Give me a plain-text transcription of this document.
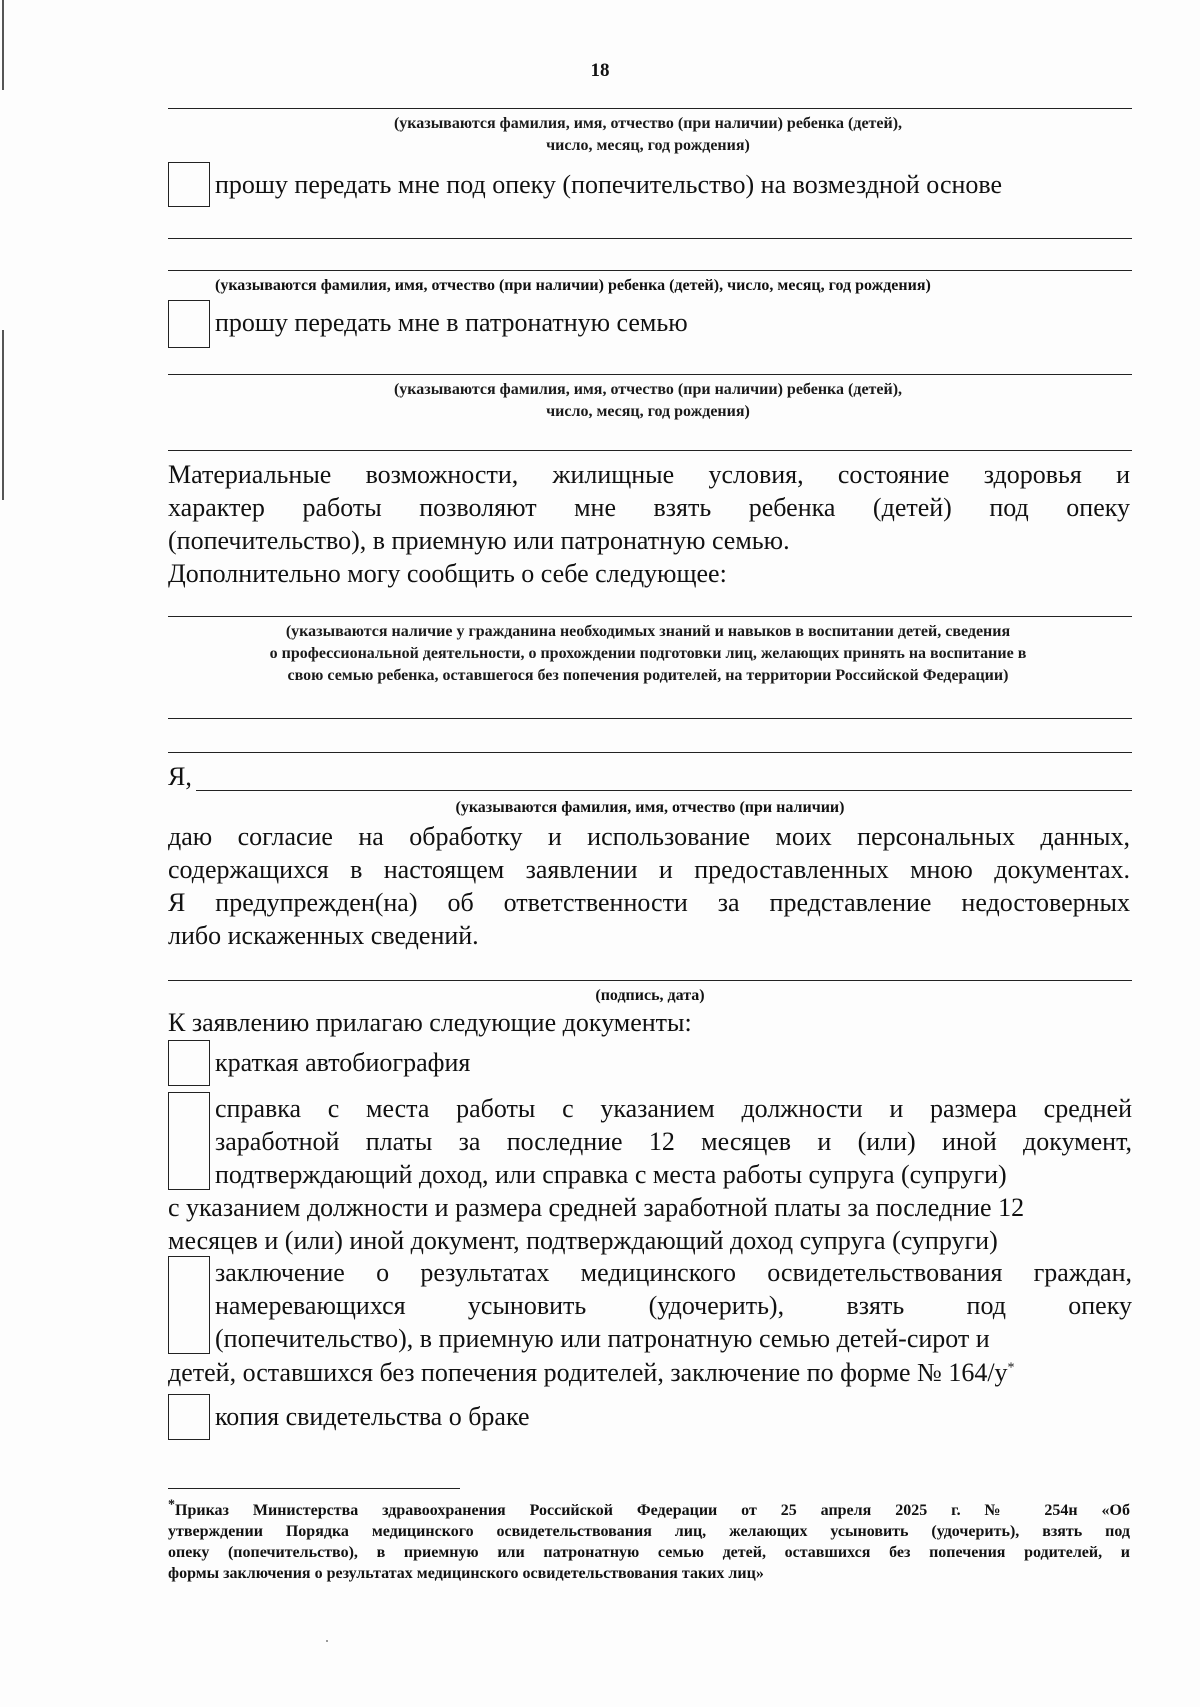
18
(указываются фамилия, имя, отчество (при наличии) ребенка (детей),
число, месяц, год рождения)
прошу передать мне под опеку (попечительство) на возмездной основе
(указываются фамилия, имя, отчество (при наличии) ребенка (детей), число, месяц, год рождения)
прошу передать мне в патронатную семью
(указываются фамилия, имя, отчество (при наличии) ребенка (детей),
число, месяц, год рождения)
Материальные возможности, жилищные условия, состояние здоровья и
характер работы позволяют мне взять ребенка (детей) под опеку
(попечительство), в приемную или патронатную семью.
Дополнительно могу сообщить о себе следующее:
(указываются наличие у гражданина необходимых знаний и навыков в воспитании детей, сведения
о профессиональной деятельности, о прохождении подготовки лиц, желающих принять на воспитание в
свою семью ребенка, оставшегося без попечения родителей, на территории Российской Федерации)
Я,
(указываются фамилия, имя, отчество (при наличии)
даю согласие на обработку и использование моих персональных данных,
содержащихся в настоящем заявлении и предоставленных мною документах.
Я предупрежден(на) об ответственности за представление недостоверных
либо искаженных сведений.
(подпись, дата)
К заявлению прилагаю следующие документы:
краткая автобиография
справка с места работы с указанием должности и размера средней
заработной платы за последние 12 месяцев и (или) иной документ,
подтверждающий доход, или справка с места работы супруга (супруги)
с указанием должности и размера средней заработной платы за последние 12
месяцев и (или) иной документ, подтверждающий доход супруга (супруги)
заключение о результатах медицинского освидетельствования граждан,
намеревающихся усыновить (удочерить), взять под опеку
(попечительство), в приемную или патронатную семью детей-сирот и
детей, оставшихся без попечения родителей, заключение по форме № 164/у*
копия свидетельства о браке
*Приказ Министерства здравоохранения Российской Федерации от 25 апреля 2025 г. № 254н «Об
утверждении Порядка медицинского освидетельствования лиц, желающих усыновить (удочерить), взять под
опеку (попечительство), в приемную или патронатную семью детей, оставшихся без попечения родителей, и
формы заключения о результатах медицинского освидетельствования таких лиц»
